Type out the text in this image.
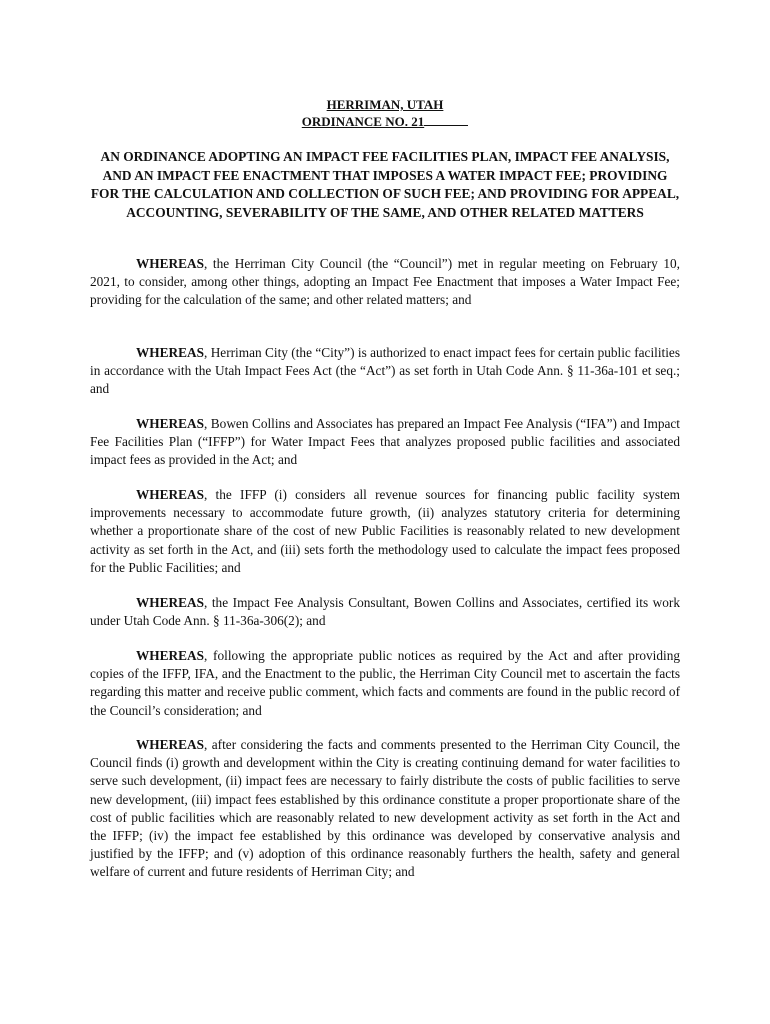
HERRIMAN, UTAH
ORDINANCE NO. 21
AN ORDINANCE ADOPTING AN IMPACT FEE FACILITIES PLAN, IMPACT FEE ANALYSIS, AND AN IMPACT FEE ENACTMENT THAT IMPOSES A WATER IMPACT FEE; PROVIDING FOR THE CALCULATION AND COLLECTION OF SUCH FEE; AND PROVIDING FOR APPEAL, ACCOUNTING, SEVERABILITY OF THE SAME, AND OTHER RELATED MATTERS

WHEREAS, the Herriman City Council (the “Council”) met in regular meeting on February 10, 2021, to consider, among other things, adopting an Impact Fee Enactment that imposes a Water Impact Fee; providing for the calculation of the same; and other related matters; and

WHEREAS, Herriman City (the “City”) is authorized to enact impact fees for certain public facilities in accordance with the Utah Impact Fees Act (the “Act”) as set forth in Utah Code Ann. § 11-36a-101 et seq.; and

WHEREAS, Bowen Collins and Associates has prepared an Impact Fee Analysis (“IFA”) and Impact Fee Facilities Plan (“IFFP”) for Water Impact Fees that analyzes proposed public facilities and associated impact fees as provided in the Act; and

WHEREAS, the IFFP (i) considers all revenue sources for financing public facility system improvements necessary to accommodate future growth, (ii) analyzes statutory criteria for determining whether a proportionate share of the cost of new Public Facilities is reasonably related to new development activity as set forth in the Act, and (iii) sets forth the methodology used to calculate the impact fees proposed for the Public Facilities; and

WHEREAS, the Impact Fee Analysis Consultant, Bowen Collins and Associates, certified its work under Utah Code Ann. § 11-36a-306(2); and

WHEREAS, following the appropriate public notices as required by the Act and after providing copies of the IFFP, IFA, and the Enactment to the public, the Herriman City Council met to ascertain the facts regarding this matter and receive public comment, which facts and comments are found in the public record of the Council’s consideration; and

WHEREAS, after considering the facts and comments presented to the Herriman City Council, the Council finds (i) growth and development within the City is creating continuing demand for water facilities to serve such development, (ii) impact fees are necessary to fairly distribute the costs of public facilities to serve new development, (iii) impact fees established by this ordinance constitute a proper proportionate share of the cost of public facilities which are reasonably related to new development activity as set forth in the Act and the IFFP; (iv) the impact fee established by this ordinance was developed by conservative analysis and justified by the IFFP; and (v) adoption of this ordinance reasonably furthers the health, safety and general welfare of current and future residents of Herriman City; and
